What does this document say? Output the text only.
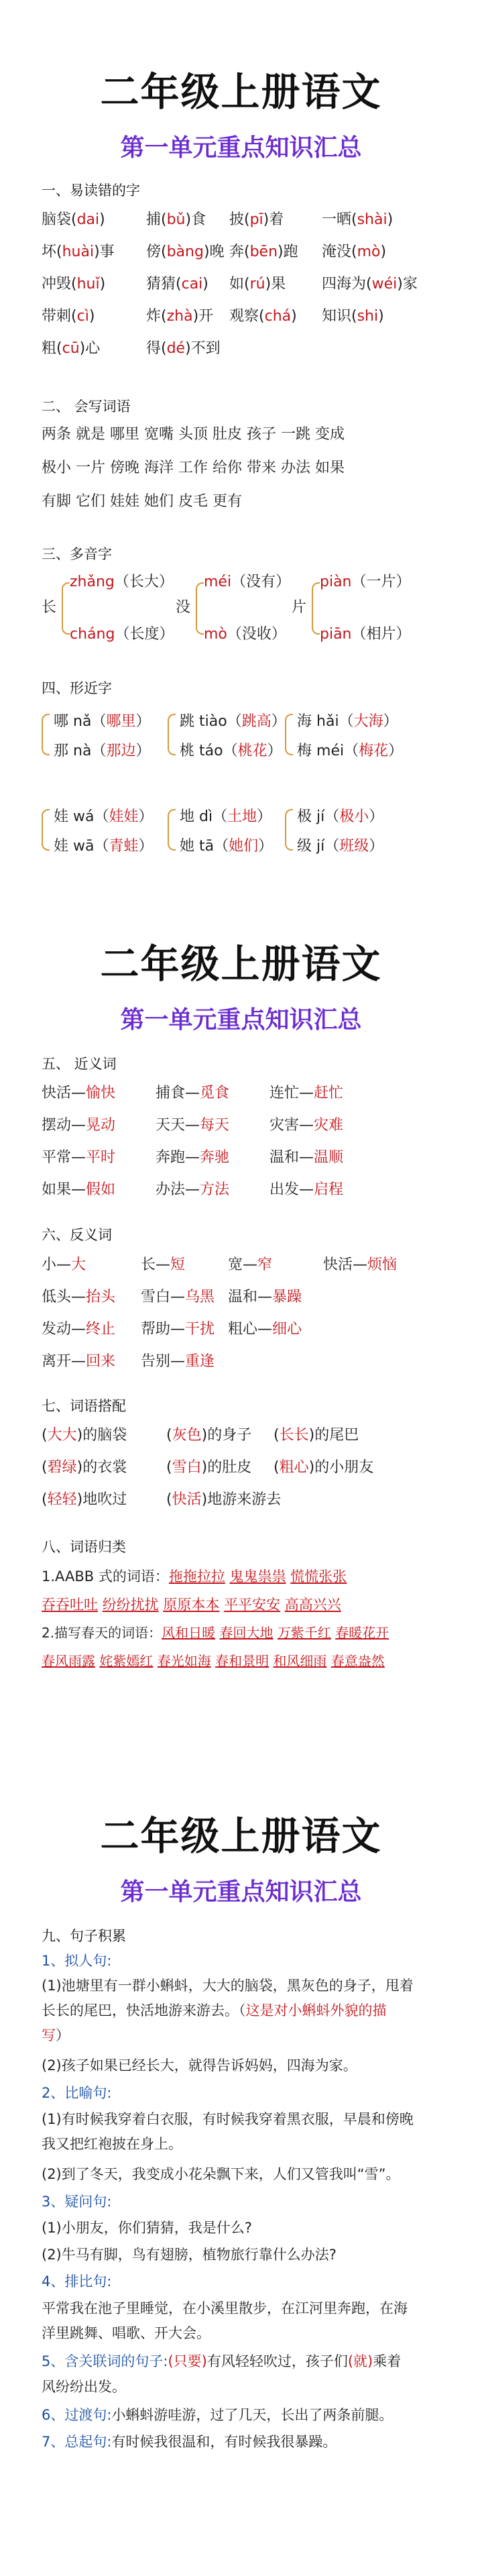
二年级上册语文
第一单元重点知识汇总
一、易读错的字
脑袋(dai)	捕(bǔ)食 披(pī)着	一晒(shài)
坏(huài)事 傍(bàng)晚 奔(bēn)跑 淹没(mò)
冲毁(huǐ)	猜猜(cai) 如(rú)果 四海为(wéi)家
带刺(cì)	炸(zhà)开 观察(chá) 知识(shi)
粗(cū)心	得(dé)不到
二、 会写词语
两条 就是 哪里 宽嘴 头顶 肚皮 孩子 一跳 变成
极小 一片 傍晚 海洋 工作 给你 带来 办法 如果
有脚 它们 娃娃 她们 皮毛 更有
三、多音字
长
zhǎng（长大）
cháng（长度）
没
méi（没有）
mò（没收）
片
piàn（一片）
piān（相片）
四、形近字
哪 nǎ（哪里）
那 nà（那边）
跳 tiào（跳高）
桃 táo（桃花）
海 hǎi（大海）
梅 méi（梅花）
娃 wá（娃娃）
娃 wā（青蛙）
地 dì（土地）
她 tā（她们）
极 jí（极小）
级 jí（班级）
二年级上册语文
第一单元重点知识汇总
五、 近义词
快活—愉快	捕食—觅食	连忙—赶忙
摆动—晃动	天天—每天	灾害—灾难
平常—平时	奔跑—奔驰	温和—温顺
如果—假如	办法—方法	出发—启程
六、反义词
小—大	长—短	宽—窄	快活—烦恼
低头—抬头 雪白—乌黑 温和—暴躁
发动—终止 帮助—干扰 粗心—细心
离开—回来 告别—重逢
七、词语搭配
(大大)的脑袋	(灰色)的身子 (长长)的尾巴
(碧绿)的衣裳	(雪白)的肚皮 (粗心)的小朋友
(轻轻)地吹过	(快活)地游来游去
八、词语归类
1.AABB 式的词语：拖拖拉拉 鬼鬼祟祟 慌慌张张
吞吞吐吐 纷纷扰扰 原原本本 平平安安 高高兴兴
2.描写春天的词语：风和日暖 春回大地 万紫千红 春暖花开
春风雨露 姹紫嫣红 春光如海 春和景明 和风细雨 春意盎然
二年级上册语文
第一单元重点知识汇总
九、句子积累
1、拟人句:
(1)池塘里有一群小蝌蚪，大大的脑袋，黑灰色的身子，甩着
长长的尾巴，快活地游来游去。（这是对小蝌蚪外貌的描
写）
(2)孩子如果已经长大，就得告诉妈妈，四海为家。
2、比喻句:
(1)有时候我穿着白衣服，有时候我穿着黑衣服，早晨和傍晚
我又把红袍披在身上。
(2)到了冬天，我变成小花朵飘下来，人们又管我叫“雪”。
3、疑问句:
(1)小朋友，你们猜猜，我是什么?
(2)牛马有脚，鸟有翅膀，植物旅行靠什么办法?
4、排比句:
平常我在池子里睡觉，在小溪里散步，在江河里奔跑，在海
洋里跳舞、唱歌、开大会。
5、含关联词的句子:(只要)有风轻轻吹过，孩子们(就)乘着
风纷纷出发。
6、过渡句:小蝌蚪游哇游，过了几天，长出了两条前腿。
7、总起句:有时候我很温和，有时候我很暴躁。
